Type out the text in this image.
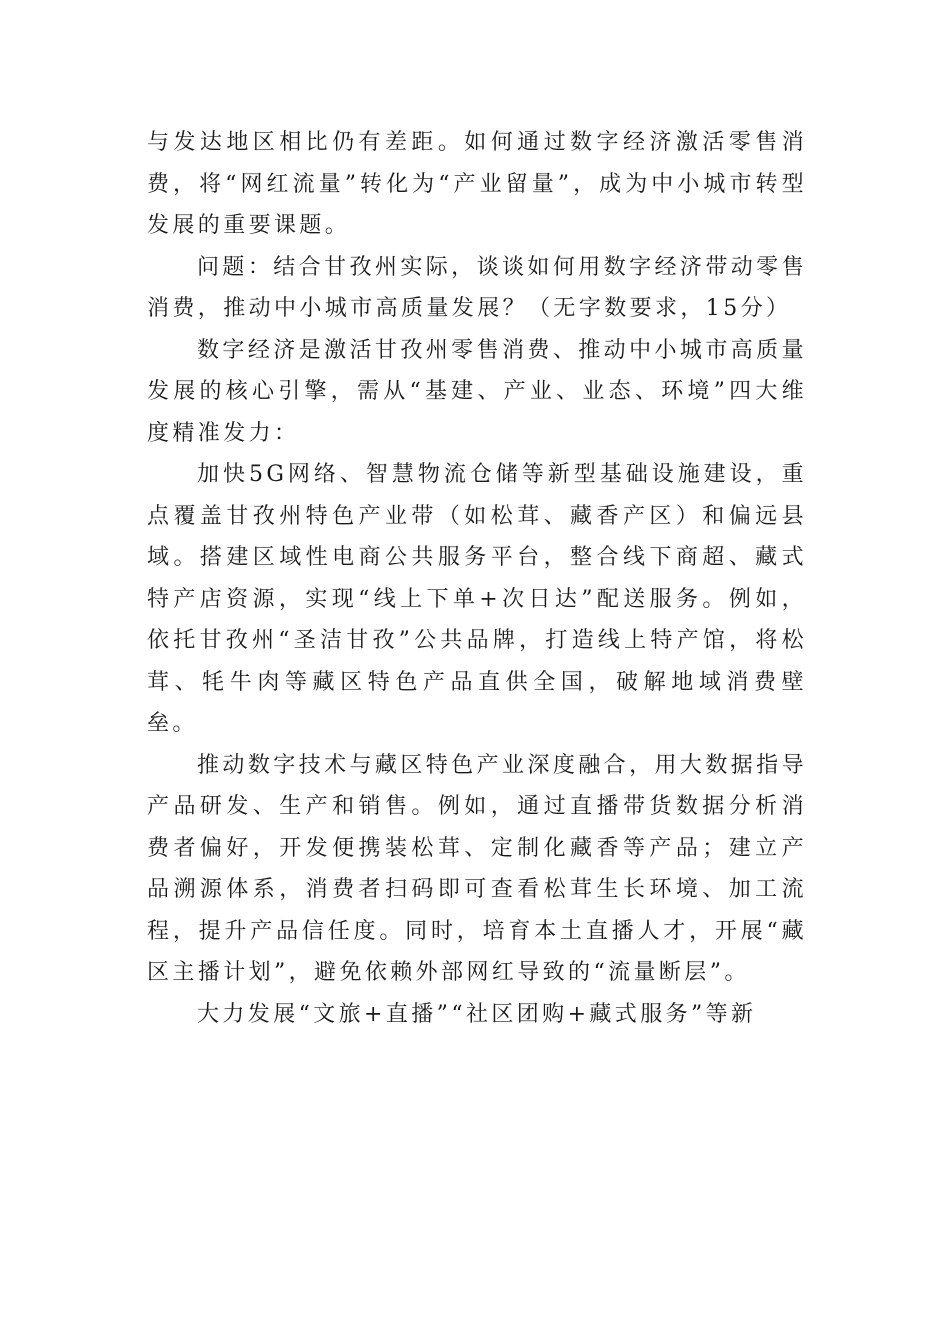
与发达地区相比仍有差距。如何通过数字经济激活零售消费，将“网红流量”转化为“产业留量”，成为中小城市转型发展的重要课题。

问题：结合甘孜州实际，谈谈如何用数字经济带动零售消费，推动中小城市高质量发展？（无字数要求，15分）

数字经济是激活甘孜州零售消费、推动中小城市高质量发展的核心引擎，需从“基建、产业、业态、环境”四大维度精准发力：

加快5G网络、智慧物流仓储等新型基础设施建设，重点覆盖甘孜州特色产业带（如松茸、藏香产区）和偏远县域。搭建区域性电商公共服务平台，整合线下商超、藏式特产店资源，实现“线上下单+次日达”配送服务。例如，依托甘孜州“圣洁甘孜”公共品牌，打造线上特产馆，将松茸、牦牛肉等藏区特色产品直供全国，破解地域消费壁垒。

推动数字技术与藏区特色产业深度融合，用大数据指导产品研发、生产和销售。例如，通过直播带货数据分析消费者偏好，开发便携装松茸、定制化藏香等产品；建立产品溯源体系，消费者扫码即可查看松茸生长环境、加工流程，提升产品信任度。同时，培育本土直播人才，开展“藏区主播计划”，避免依赖外部网红导致的“流量断层”。

大力发展“文旅+直播”“社区团购+藏式服务”等新
